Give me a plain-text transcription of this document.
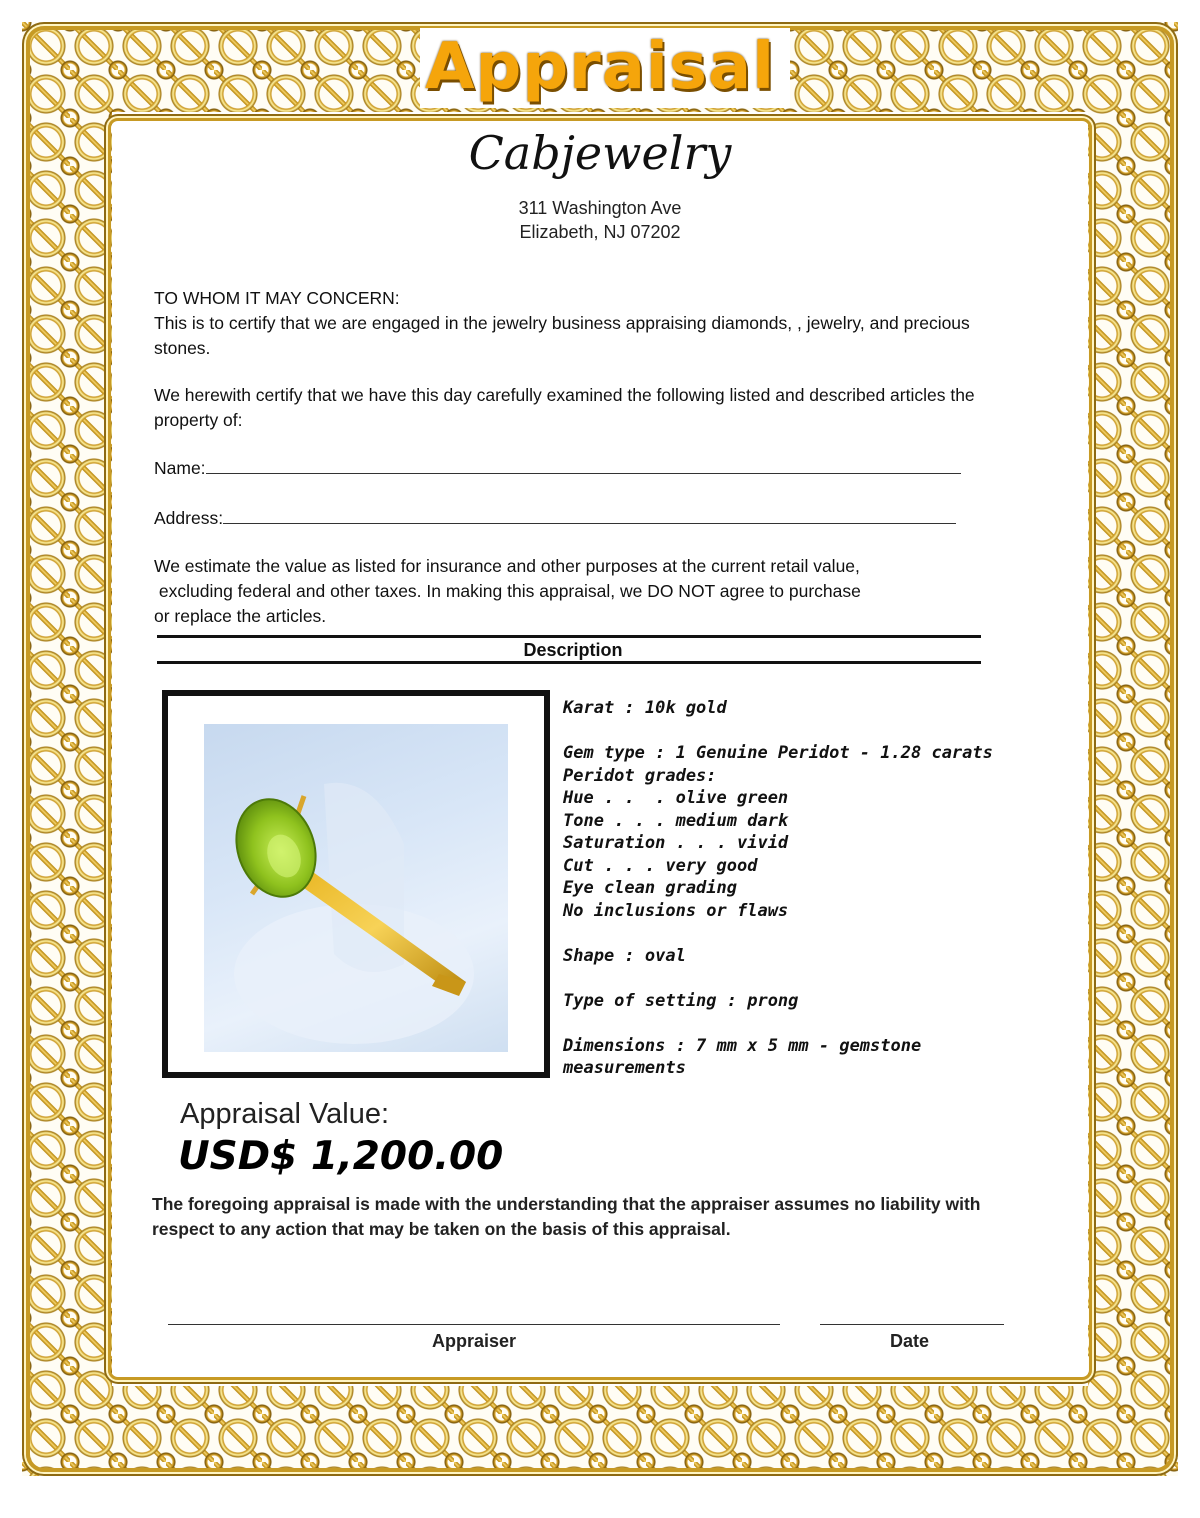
Appraisal
Cabjewelry
311 Washington Ave
Elizabeth, NJ 07202
TO WHOM IT MAY CONCERN:
This is to certify that we are engaged in the jewelry business appraising diamonds, , jewelry, and precious stones.
We herewith certify that we have this day carefully examined the following listed and described articles the property of:
Name:
Address:
We estimate the value as listed for insurance and other purposes at the current retail value,
excluding federal and other taxes. In making this appraisal, we DO NOT agree to purchase
or replace the articles.
Description
Karat : 10k gold
Gem type : 1 Genuine Peridot - 1.28 carats
Peridot grades:
Hue . .  . olive green
Tone . . . medium dark
Saturation . . . vivid
Cut . . . very good
Eye clean grading
No inclusions or flaws
Shape : oval
Type of setting : prong
Dimensions : 7 mm x 5 mm - gemstone
measurements
Appraisal Value:
USD$ 1,200.00
The foregoing appraisal is made with the understanding that the appraiser assumes no liability with respect to any action that may be taken on the basis of this appraisal.
Appraiser	Date
